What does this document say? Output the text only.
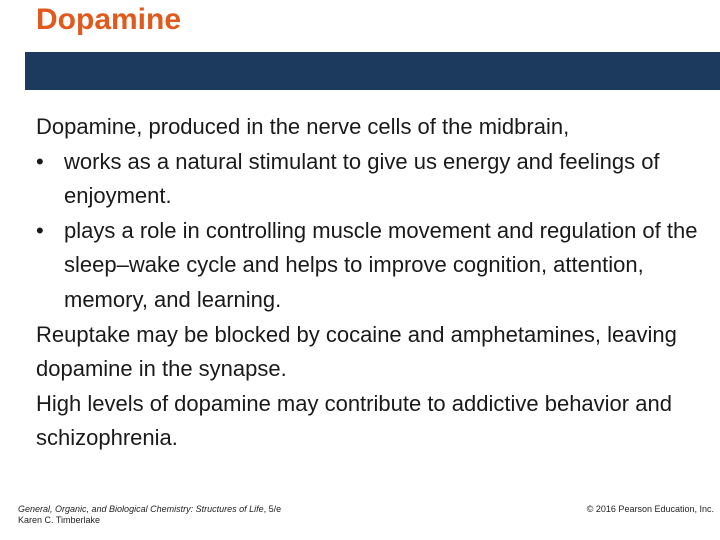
Dopamine

Dopamine, produced in the nerve cells of the midbrain,

• works as a natural stimulant to give us energy and feelings of enjoyment.
• plays a role in controlling muscle movement and regulation of the sleep–wake cycle and helps to improve cognition, attention, memory, and learning.

Reuptake may be blocked by cocaine and amphetamines, leaving dopamine in the synapse.

High levels of dopamine may contribute to addictive behavior and schizophrenia.

General, Organic, and Biological Chemistry: Structures of Life, 5/e
Karen C. Timberlake
© 2016 Pearson Education, Inc.
